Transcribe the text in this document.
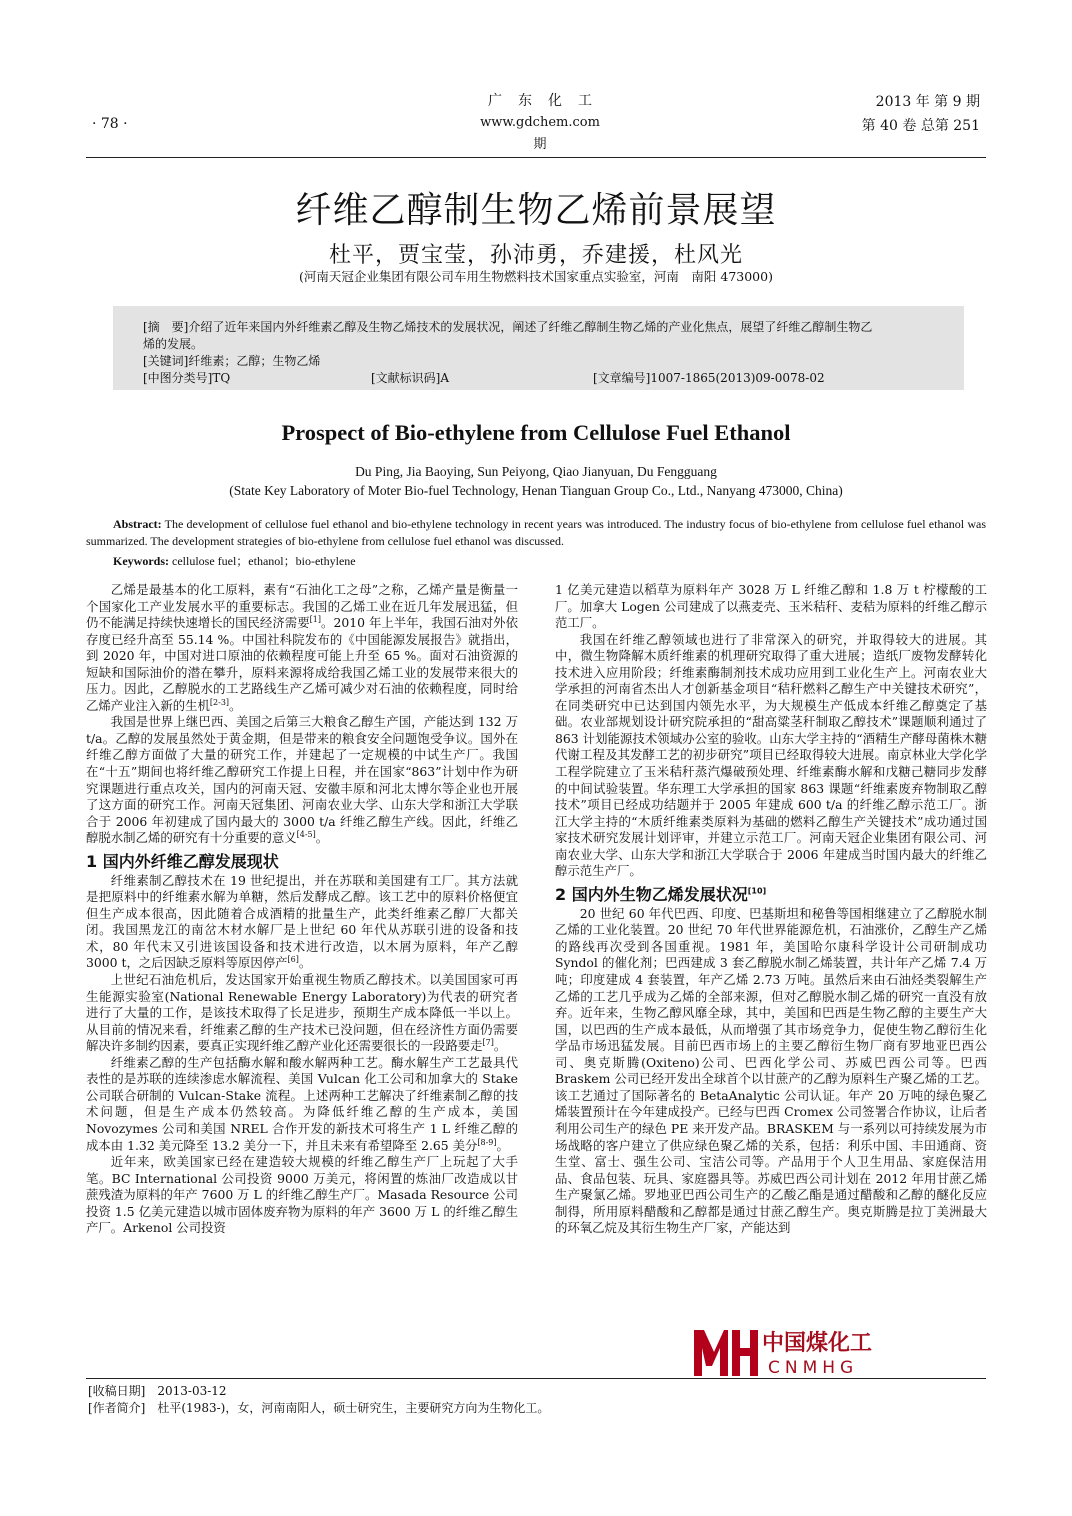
· 78 ·
广东化工
www.gdchem.com
期
2013 年 第 9 期
第 40 卷 总第 251
纤维乙醇制生物乙烯前景展望
杜平，贾宝莹，孙沛勇，乔建援，杜风光
(河南天冠企业集团有限公司车用生物燃料技术国家重点实验室，河南　南阳 473000)
[摘　要]介绍了近年来国内外纤维素乙醇及生物乙烯技术的发展状况，阐述了纤维乙醇制生物乙烯的产业化焦点，展望了纤维乙醇制生物乙
烯的发展。
[关键词]纤维素；乙醇；生物乙烯
[中图分类号]TQ	[文献标识码]A	[文章编号]1007-1865(2013)09-0078-02
Prospect of Bio-ethylene from Cellulose Fuel Ethanol
Du Ping, Jia Baoying, Sun Peiyong, Qiao Jianyuan, Du Fengguang
(State Key Laboratory of Moter Bio-fuel Technology, Henan Tianguan Group Co., Ltd., Nanyang 473000, China)
Abstract: The development of cellulose fuel ethanol and bio-ethylene technology in recent years was introduced. The industry focus of bio-ethylene from cellulose fuel ethanol was summarized. The development strategies of bio-ethylene from cellulose fuel ethanol was discussed.
Keywords: cellulose fuel；ethanol；bio-ethylene

乙烯是最基本的化工原料，素有“石油化工之母”之称，乙烯产量是衡量一个国家化工产业发展水平的重要标志。我国的乙烯工业在近几年发展迅猛，但仍不能满足持续快速增长的国民经济需要[1]。2010 年上半年，我国石油对外依存度已经升高至 55.14 %。中国社科院发布的《中国能源发展报告》就指出，到 2020 年，中国对进口原油的依赖程度可能上升至 65 %。面对石油资源的短缺和国际油价的潜在攀升，原料来源将成给我国乙烯工业的发展带来很大的压力。因此，乙醇脱水的工艺路线生产乙烯可减少对石油的依赖程度，同时给乙烯产业注入新的生机[2-3]。

我国是世界上继巴西、美国之后第三大粮食乙醇生产国，产能达到 132 万 t/a。乙醇的发展虽然处于黄金期，但是带来的粮食安全问题饱受争议。国外在纤维乙醇方面做了大量的研究工作，并建起了一定规模的中试生产厂。我国在“十五”期间也将纤维乙醇研究工作提上日程，并在国家“863”计划中作为研究课题进行重点攻关，国内的河南天冠、安徽丰原和河北太博尔等企业也开展了这方面的研究工作。河南天冠集团、河南农业大学、山东大学和浙江大学联合于 2006 年初建成了国内最大的 3000 t/a 纤维乙醇生产线。因此，纤维乙醇脱水制乙烯的研究有十分重要的意义[4-5]。

1 国内外纤维乙醇发展现状

纤维素制乙醇技术在 19 世纪提出，并在苏联和美国建有工厂。其方法就是把原料中的纤维素水解为单糖，然后发酵成乙醇。该工艺中的原料价格便宜但生产成本很高，因此随着合成酒精的批量生产，此类纤维素乙醇厂大都关闭。我国黑龙江的南岔木材水解厂是上世纪 60 年代从苏联引进的设备和技术，80 年代末又引进该国设备和技术进行改造，以木屑为原料，年产乙醇 3000 t，之后因缺乏原料等原因停产[6]。

上世纪石油危机后，发达国家开始重视生物质乙醇技术。以美国国家可再生能源实验室(National Renewable Energy Laboratory)为代表的研究者进行了大量的工作，是该技术取得了长足进步，预期生产成本降低一半以上。从目前的情况来看，纤维素乙醇的生产技术已没问题，但在经济性方面仍需要解决许多制约因素，要真正实现纤维乙醇产业化还需要很长的一段路要走[7]。

纤维素乙醇的生产包括酶水解和酸水解两种工艺。酶水解生产工艺最具代表性的是苏联的连续渗虑水解流程、美国 Vulcan 化工公司和加拿大的 Stake 公司联合研制的 Vulcan-Stake 流程。上述两种工艺解决了纤维素制乙醇的技术问题，但是生产成本仍然较高。为降低纤维乙醇的生产成本，美国 Novozymes 公司和美国 NREL 合作开发的新技术可将生产 1 L 纤维乙醇的成本由 1.32 美元降至 13.2 美分一下，并且未来有希望降至 2.65 美分[8-9]。

近年来，欧美国家已经在建造较大规模的纤维乙醇生产厂上玩起了大手笔。BC International 公司投资 9000 万美元，将闲置的炼油厂改造成以甘蔗残渣为原料的年产 7600 万 L 的纤维乙醇生产厂。Masada Resource 公司投资 1.5 亿美元建造以城市固体废弃物为原料的年产 3600 万 L 的纤维乙醇生产厂。Arkenol 公司投资

1 亿美元建造以稻草为原料年产 3028 万 L 纤维乙醇和 1.8 万 t 柠檬酸的工厂。加拿大 Logen 公司建成了以燕麦壳、玉米秸秆、麦秸为原料的纤维乙醇示范工厂。

我国在纤维乙醇领域也进行了非常深入的研究，并取得较大的进展。其中，微生物降解木质纤维素的机理研究取得了重大进展；造纸厂废物发酵转化技术进入应用阶段；纤维素酶制剂技术成功应用到工业化生产上。河南农业大学承担的河南省杰出人才创新基金项目“秸秆燃料乙醇生产中关键技术研究”，在同类研究中已达到国内领先水平，为大规模生产低成本纤维乙醇奠定了基础。农业部规划设计研究院承担的“甜高粱茎秆制取乙醇技术”课题顺利通过了 863 计划能源技术领域办公室的验收。山东大学主持的“酒精生产酵母菌株木糖代谢工程及其发酵工艺的初步研究”项目已经取得较大进展。南京林业大学化学工程学院建立了玉米秸秆蒸汽爆破预处理、纤维素酶水解和戊糖己糖同步发酵的中间试验装置。华东理工大学承担的国家 863 课题“纤维素废弃物制取乙醇技术”项目已经成功结题并于 2005 年建成 600 t/a 的纤维乙醇示范工厂。浙江大学主持的“木质纤维素类原料为基础的燃料乙醇生产关键技术”成功通过国家技术研究发展计划评审，并建立示范工厂。河南天冠企业集团有限公司、河南农业大学、山东大学和浙江大学联合于 2006 年建成当时国内最大的纤维乙醇示范生产厂。

2 国内外生物乙烯发展状况[10]

20 世纪 60 年代巴西、印度、巴基斯坦和秘鲁等国相继建立了乙醇脱水制乙烯的工业化装置。20 世纪 70 年代世界能源危机，石油涨价，乙醇生产乙烯的路线再次受到各国重视。1981 年，美国哈尔康科学设计公司研制成功 Syndol 的催化剂；巴西建成 3 套乙醇脱水制乙烯装置，共计年产乙烯 7.4 万吨；印度建成 4 套装置，年产乙烯 2.73 万吨。虽然后来由石油烃类裂解生产乙烯的工艺几乎成为乙烯的全部来源，但对乙醇脱水制乙烯的研究一直没有放弃。近年来，生物乙醇风靡全球，其中，美国和巴西是生物乙醇的主要生产大国，以巴西的生产成本最低，从而增强了其市场竞争力，促使生物乙醇衍生化学品市场迅猛发展。目前巴西市场上的主要乙醇衍生物厂商有罗地亚巴西公司、奥克斯腾(Oxiteno)公司、巴西化学公司、苏威巴西公司等。巴西 Braskem 公司已经开发出全球首个以甘蔗产的乙醇为原料生产聚乙烯的工艺。该工艺通过了国际著名的 BetaAnalytic 公司认证。年产 20 万吨的绿色聚乙烯装置预计在今年建成投产。已经与巴西 Cromex 公司签署合作协议，让后者利用公司生产的绿色 PE 来开发产品。BRASKEM 与一系列以可持续发展为市场战略的客户建立了供应绿色聚乙烯的关系，包括：利乐中国、丰田通商、资生堂、富士、强生公司、宝洁公司等。产品用于个人卫生用品、家庭保洁用品、食品包装、玩具、家庭器具等。苏威巴西公司计划在 2012 年用甘蔗乙烯生产聚氯乙烯。罗地亚巴西公司生产的乙酸乙酯是通过醋酸和乙醇的醚化反应制得，所用原料醋酸和乙醇都是通过甘蔗乙醇生产。奥克斯腾是拉丁美洲最大的环氧乙烷及其衍生物生产厂家，产能达到

中国煤化工
CNMHG
[收稿日期]　2013-03-12
[作者简介]　杜平(1983-)，女，河南南阳人，硕士研究生，主要研究方向为生物化工。
